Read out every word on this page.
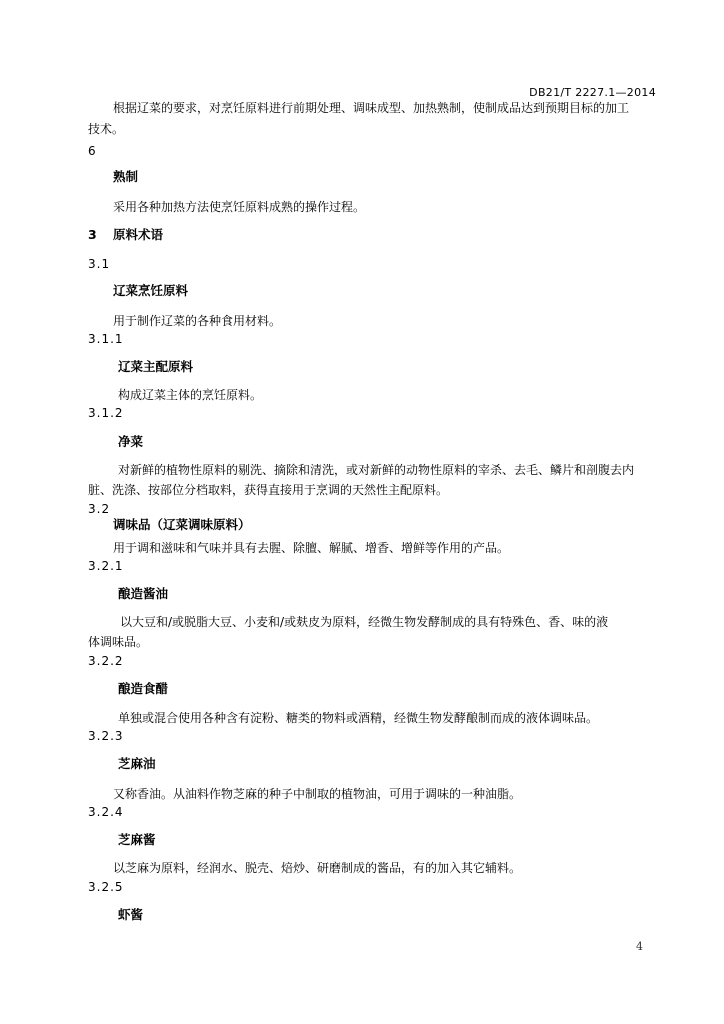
DB21/T 2227.1—2014
根据辽菜的要求，对烹饪原料进行前期处理、调味成型、加热熟制，使制成品达到预期目标的加工
技术。
6
熟制
采用各种加热方法使烹饪原料成熟的操作过程。
3 原料术语
3.1
辽菜烹饪原料
用于制作辽菜的各种食用材料。
3.1.1
辽菜主配原料
构成辽菜主体的烹饪原料。
3.1.2
净菜
对新鲜的植物性原料的剔洗、摘除和清洗，或对新鲜的动物性原料的宰杀、去毛、鳞片和剖腹去内
脏、洗涤、按部位分档取料，获得直接用于烹调的天然性主配原料。
3.2
调味品（辽菜调味原料）
用于调和滋味和气味并具有去腥、除膻、解腻、增香、增鲜等作用的产品。
3.2.1
酿造酱油
以大豆和/或脱脂大豆、小麦和/或麸皮为原料，经微生物发酵制成的具有特殊色、香、味的液
体调味品。
3.2.2
酿造食醋
单独或混合使用各种含有淀粉、糖类的物料或酒精，经微生物发酵酿制而成的液体调味品。
3.2.3
芝麻油
又称香油。从油料作物芝麻的种子中制取的植物油，可用于调味的一种油脂。
3.2.4
芝麻酱
以芝麻为原料，经润水、脱壳、焙炒、研磨制成的酱品，有的加入其它辅料。
3.2.5
虾酱
4
